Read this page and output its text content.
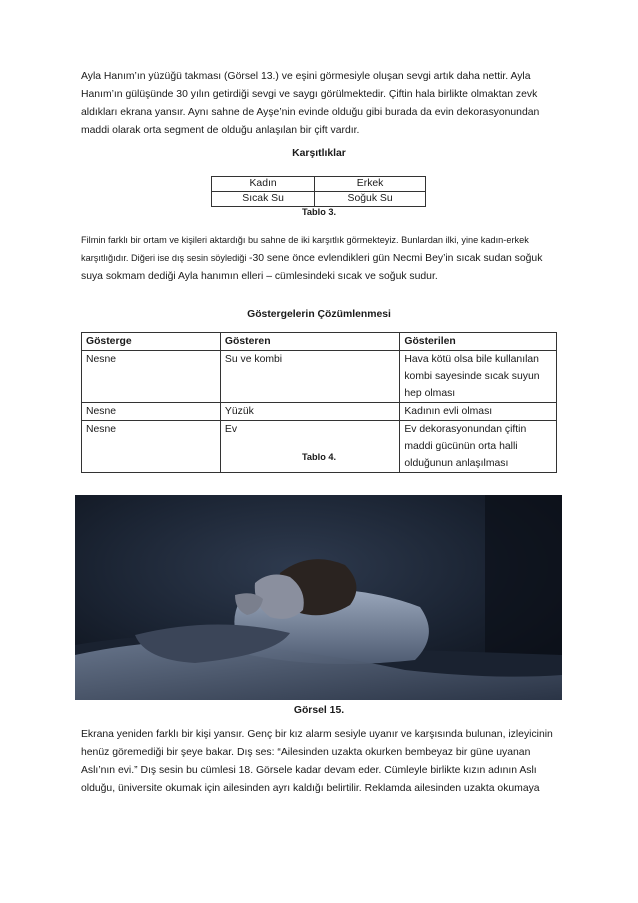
Ayla Hanım’ın yüzüğü takması (Görsel 13.) ve eşini görmesiyle oluşan sevgi artık daha nettir. Ayla
Hanım’ın gülüşünde 30 yılın getirdiği sevgi ve saygı görülmektedir. Çiftin hala birlikte olmaktan zevk
aldıkları ekrana yansır. Aynı sahne de Ayşe’nin evinde olduğu gibi burada da evin dekorasyonundan
maddi olarak orta segment de olduğu anlaşılan bir çift vardır.

Karşıtlıklar

Kadın	Erkek
Sıcak Su	Soğuk Su

Tablo 3.

Filmin farklı bir ortam ve kişileri aktardığı bu sahne de iki karşıtlık görmekteyiz. Bunlardan ilki, yine kadın-erkek
karşıtlığıdır. Diğeri ise dış sesin söylediği -30 sene önce evlendikleri gün Necmi Bey’in sıcak sudan soğuk
suya sokmam dediği Ayla hanımın elleri – cümlesindeki sıcak ve soğuk sudur.

Göstergelerin Çözümlenmesi

Gösterge	Gösteren	Gösterilen
Nesne	Su ve kombi	Hava kötü olsa bile kullanılan
kombi sayesinde sıcak suyun
hep olması

Nesne	Yüzük	Kadının evli olması

Nesne	Ev	Ev dekorasyonundan çiftin
maddi gücünün orta halli
olduğunun anlaşılması

Tablo 4.

Görsel 15.

Ekrana yeniden farklı bir kişi yansır. Genç bir kız alarm sesiyle uyanır ve karşısında bulunan, izleyicinin
henüz göremediği bir şeye bakar. Dış ses: “Ailesinden uzakta okurken bembeyaz bir güne uyanan
Aslı’nın evi.” Dış sesin bu cümlesi 18. Görsele kadar devam eder. Cümleyle birlikte kızın adının Aslı
olduğu, üniversite okumak için ailesinden ayrı kaldığı belirtilir. Reklamda ailesinden uzakta okumaya
